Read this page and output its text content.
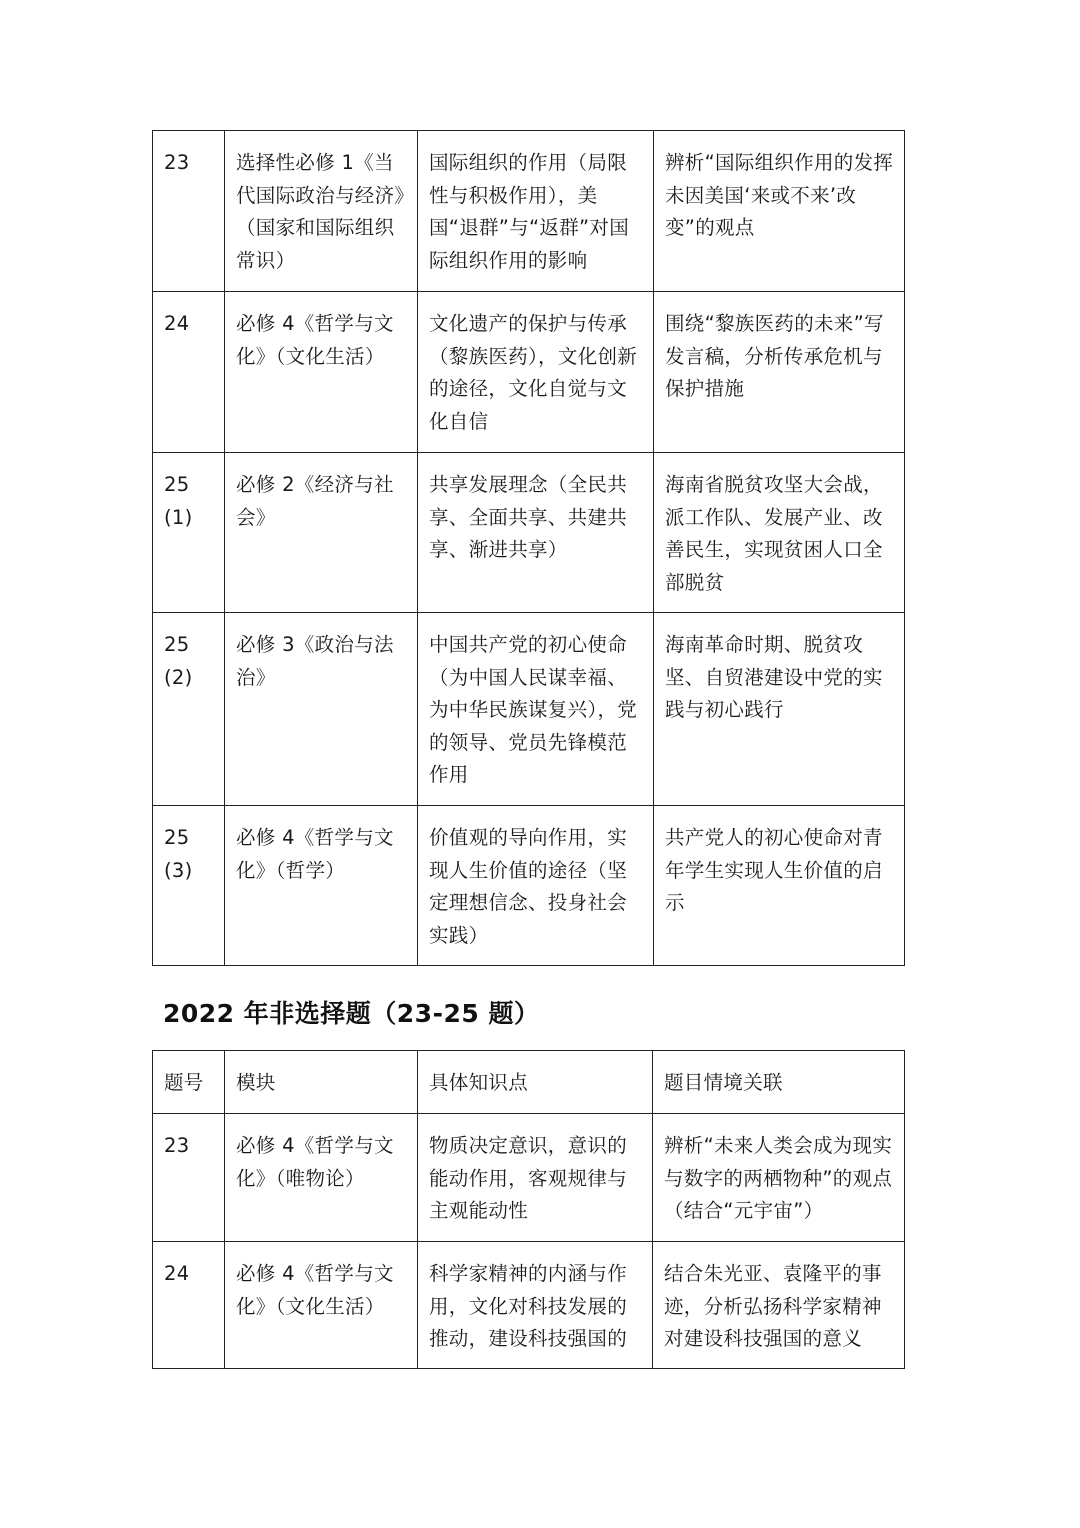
23	选择性必修 1《当代国际政治与经济》（国家和国际组织常识）	国际组织的作用（局限性与积极作用），美国“退群”与“返群”对国际组织作用的影响	辨析“国际组织作用的发挥未因美国‘来或不来’改变”的观点
24	必修 4《哲学与文化》（文化生活）	文化遗产的保护与传承（黎族医药），文化创新的途径，文化自觉与文化自信	围绕“黎族医药的未来”写发言稿，分析传承危机与保护措施
25(1)	必修 2《经济与社会》	共享发展理念（全民共享、全面共享、共建共享、渐进共享）	海南省脱贫攻坚大会战，派工作队、发展产业、改善民生，实现贫困人口全部脱贫
25(2)	必修 3《政治与法治》	中国共产党的初心使命（为中国人民谋幸福、为中华民族谋复兴），党的领导、党员先锋模范作用	海南革命时期、脱贫攻坚、自贸港建设中党的实践与初心践行
25(3)	必修 4《哲学与文化》（哲学）	价值观的导向作用，实现人生价值的途径（坚定理想信念、投身社会实践）	共产党人的初心使命对青年学生实现人生价值的启示
2022 年非选择题（23-25 题）
题号	模块	具体知识点	题目情境关联
23	必修 4《哲学与文化》（唯物论）	物质决定意识，意识的能动作用，客观规律与主观能动性	辨析“未来人类会成为现实与数字的两栖物种”的观点（结合“元宇宙”）
24	必修 4《哲学与文化》（文化生活）	科学家精神的内涵与作用，文化对科技发展的推动，建设科技强国的	结合朱光亚、袁隆平的事迹，分析弘扬科学家精神对建设科技强国的意义
